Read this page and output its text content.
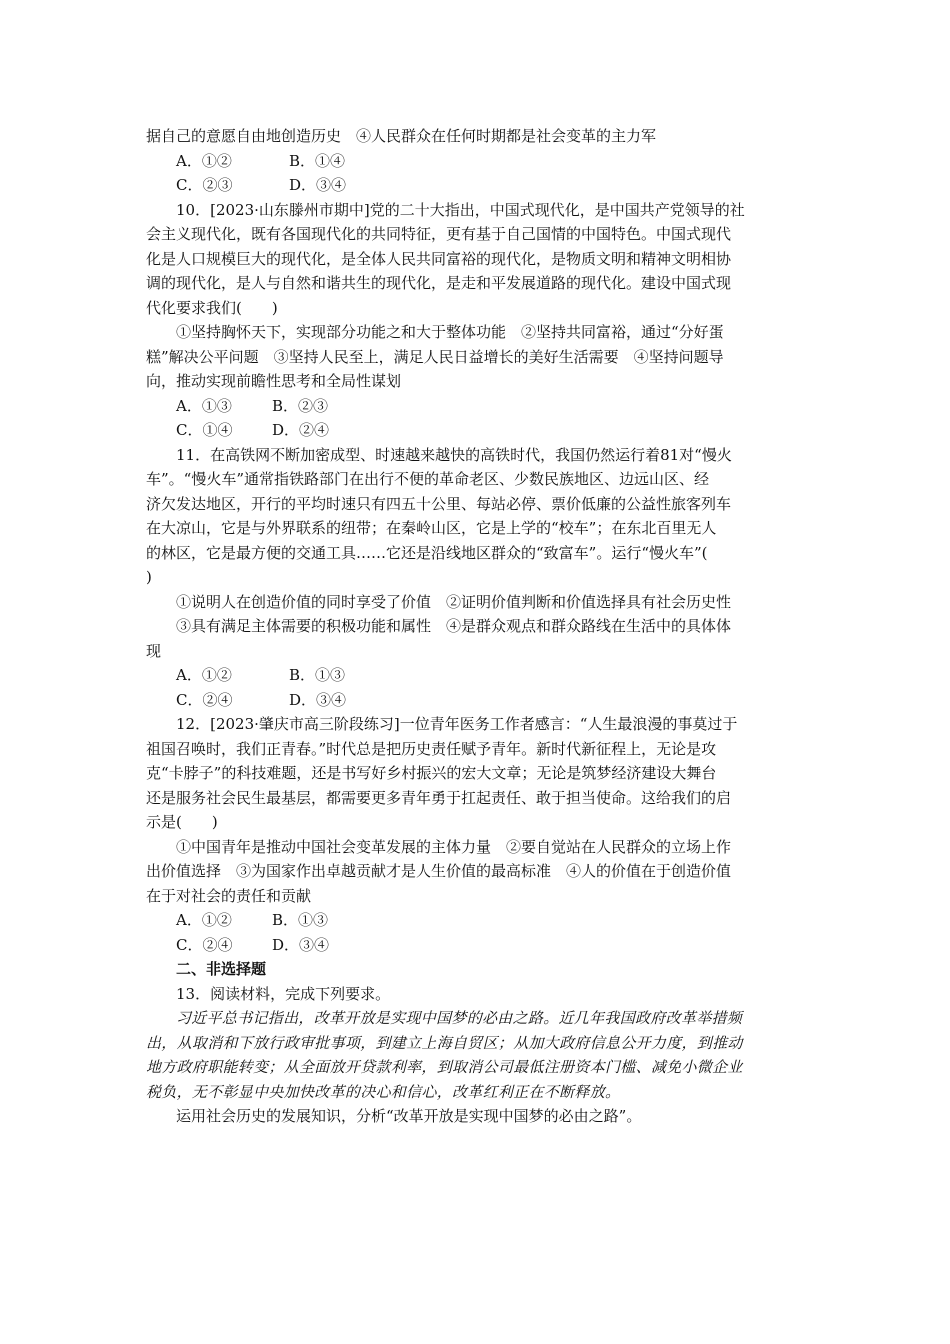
据自己的意愿自由地创造历史　④人民群众在任何时期都是社会变革的主力军
A．①②	B．①④
C．②③	D．③④
10．[2023·山东滕州市期中]党的二十大指出，中国式现代化，是中国共产党领导的社
会主义现代化，既有各国现代化的共同特征，更有基于自己国情的中国特色。中国式现代
化是人口规模巨大的现代化，是全体人民共同富裕的现代化，是物质文明和精神文明相协
调的现代化，是人与自然和谐共生的现代化，是走和平发展道路的现代化。建设中国式现
代化要求我们(　　)
①坚持胸怀天下，实现部分功能之和大于整体功能　②坚持共同富裕，通过“分好蛋
糕”解决公平问题　③坚持人民至上，满足人民日益增长的美好生活需要　④坚持问题导
向，推动实现前瞻性思考和全局性谋划
A．①③	B．②③
C．①④	D．②④
11．在高铁网不断加密成型、时速越来越快的高铁时代，我国仍然运行着81对“慢火
车”。“慢火车”通常指铁路部门在出行不便的革命老区、少数民族地区、边远山区、经
济欠发达地区，开行的平均时速只有四五十公里、每站必停、票价低廉的公益性旅客列车
在大凉山，它是与外界联系的纽带；在秦岭山区，它是上学的“校车”；在东北百里无人
的林区，它是最方便的交通工具……它还是沿线地区群众的“致富车”。运行“慢火车”(
)
①说明人在创造价值的同时享受了价值　②证明价值判断和价值选择具有社会历史性
③具有满足主体需要的积极功能和属性　④是群众观点和群众路线在生活中的具体体
现
A．①②	B．①③
C．②④	D．③④
12．[2023·肇庆市高三阶段练习]一位青年医务工作者感言：“人生最浪漫的事莫过于
祖国召唤时，我们正青春。”时代总是把历史责任赋予青年。新时代新征程上，无论是攻
克“卡脖子”的科技难题，还是书写好乡村振兴的宏大文章；无论是筑梦经济建设大舞台
还是服务社会民生最基层，都需要更多青年勇于扛起责任、敢于担当使命。这给我们的启
示是(　　)
①中国青年是推动中国社会变革发展的主体力量　②要自觉站在人民群众的立场上作
出价值选择　③为国家作出卓越贡献才是人生价值的最高标准　④人的价值在于创造价值
在于对社会的责任和贡献
A．①②	B．①③
C．②④	D．③④
二、非选择题
13．阅读材料，完成下列要求。
习近平总书记指出，改革开放是实现中国梦的必由之路。近几年我国政府改革举措频
出，从取消和下放行政审批事项，到建立上海自贸区；从加大政府信息公开力度，到推动
地方政府职能转变；从全面放开贷款利率，到取消公司最低注册资本门槛、减免小微企业
税负，无不彰显中央加快改革的决心和信心，改革红利正在不断释放。
运用社会历史的发展知识，分析“改革开放是实现中国梦的必由之路”。
